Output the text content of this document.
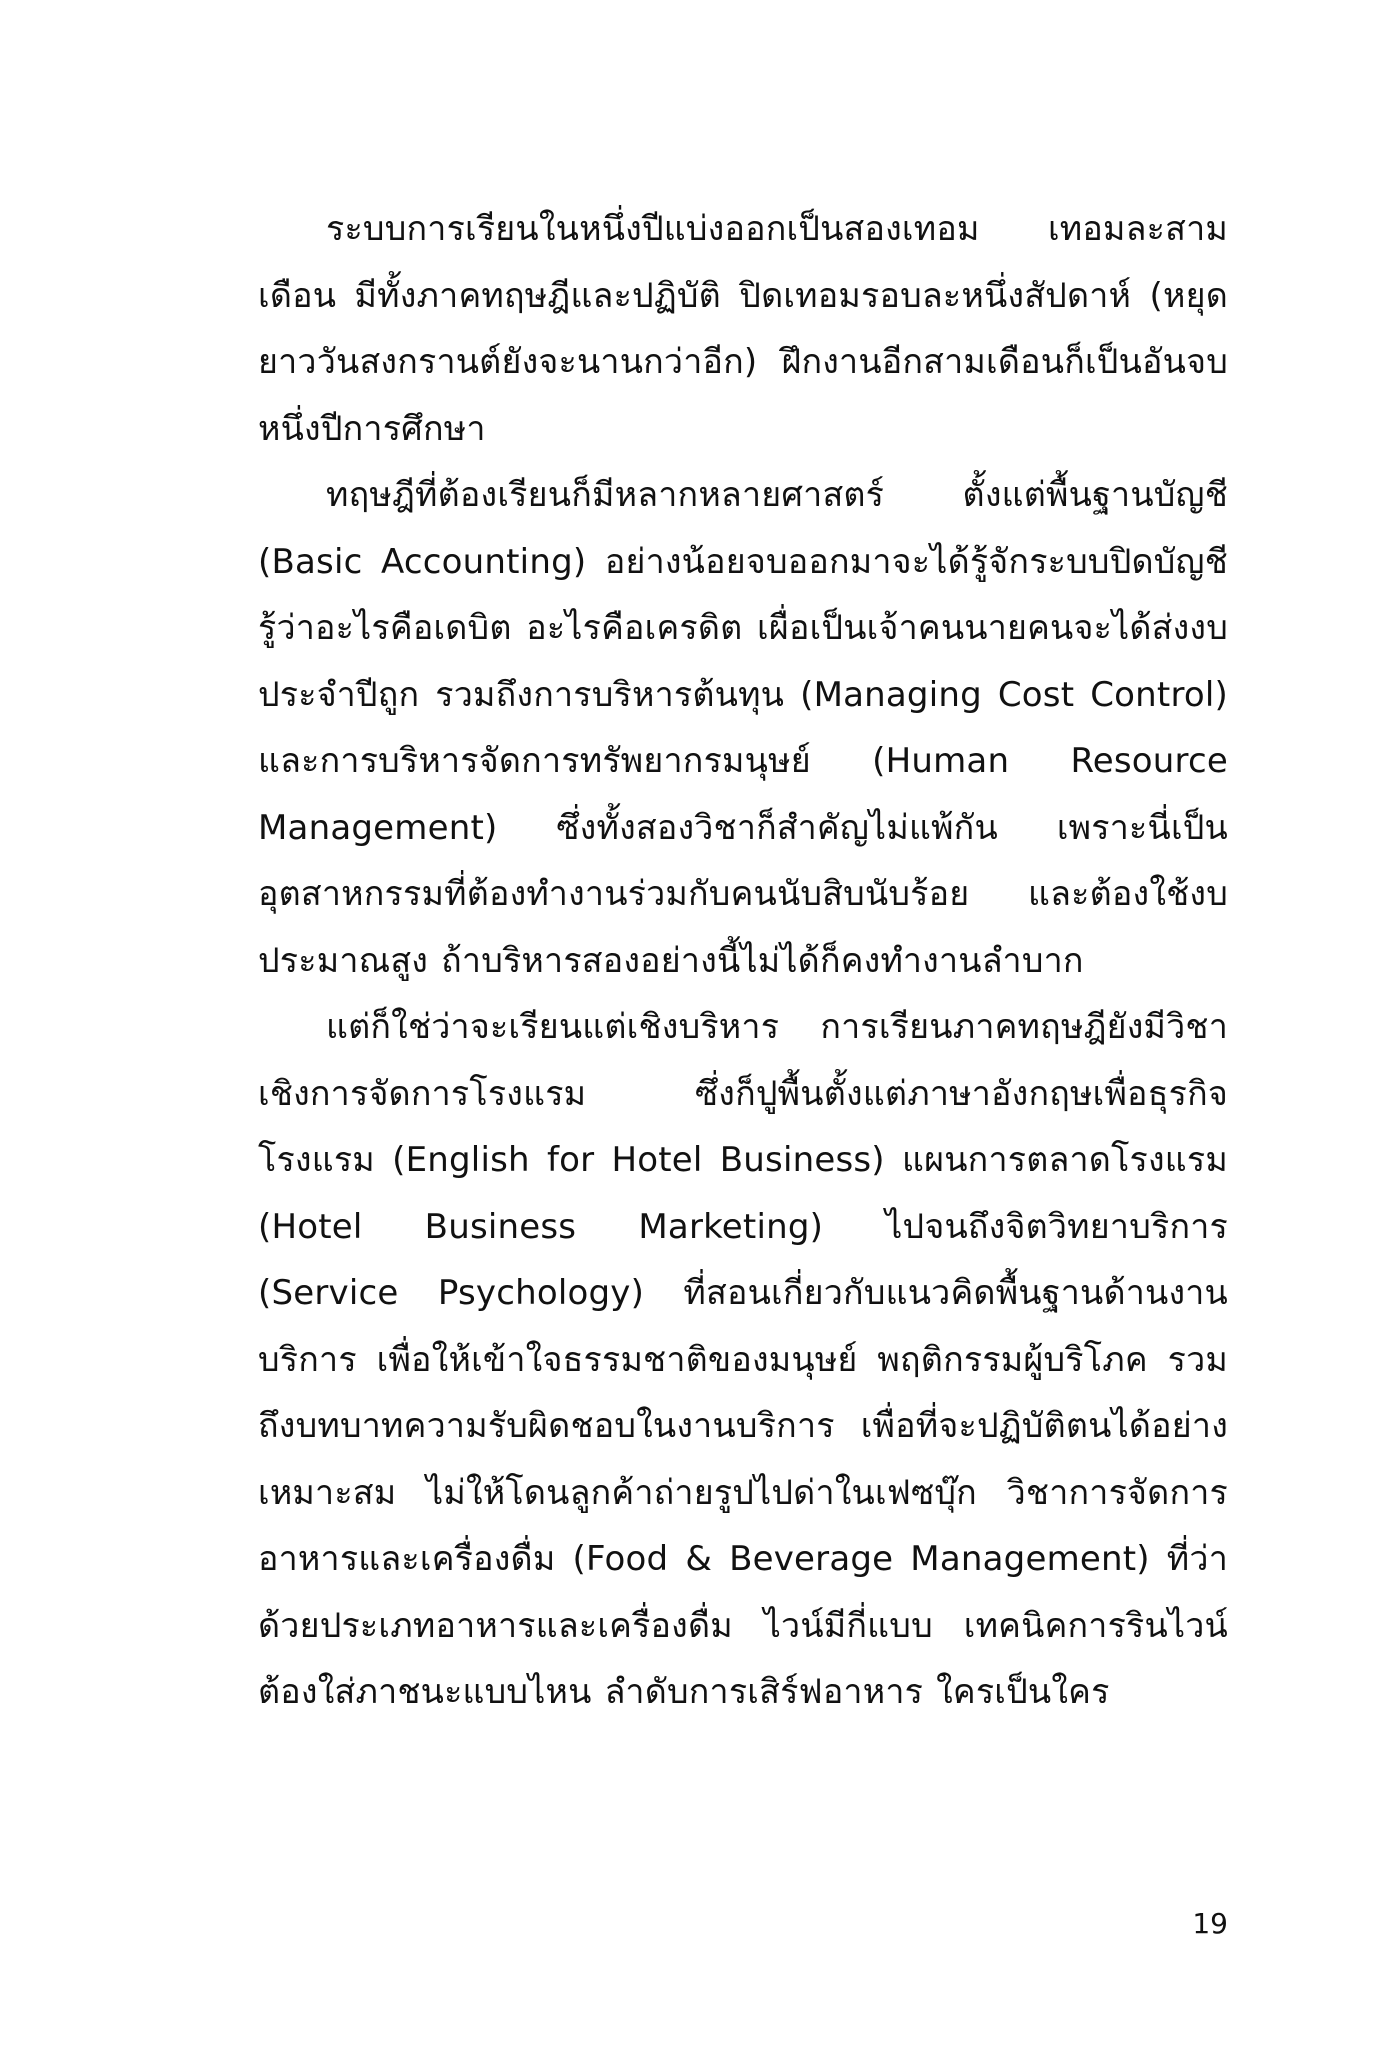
ระบบการเรียนในหนึ่งปีแบ่งออกเป็นสองเทอม เทอมละสามเดือน มีทั้งภาคทฤษฎีและปฏิบัติ ปิดเทอมรอบละหนึ่งสัปดาห์ (หยุดยาววันสงกรานต์ยังจะนานกว่าอีก) ฝึกงานอีกสามเดือนก็เป็นอันจบหนึ่งปีการศึกษา

ทฤษฎีที่ต้องเรียนก็มีหลากหลายศาสตร์ ตั้งแต่พื้นฐานบัญชี (Basic Accounting) อย่างน้อยจบออกมาจะได้รู้จักระบบปิดบัญชี รู้ว่าอะไรคือเดบิต อะไรคือเครดิต เผื่อเป็นเจ้าคนนายคนจะได้ส่งงบประจำปีถูก รวมถึงการบริหารต้นทุน (Managing Cost Control) และการบริหารจัดการทรัพยากรมนุษย์ (Human Resource Management) ซึ่งทั้งสองวิชาก็สำคัญไม่แพ้กัน เพราะนี่เป็นอุตสาหกรรมที่ต้องทำงานร่วมกับคนนับสิบนับร้อย และต้องใช้งบประมาณสูง ถ้าบริหารสองอย่างนี้ไม่ได้ก็คงทำงานลำบาก

แต่ก็ใช่ว่าจะเรียนแต่เชิงบริหาร การเรียนภาคทฤษฎียังมีวิชาเชิงการจัดการโรงแรม ซึ่งก็ปูพื้นตั้งแต่ภาษาอังกฤษเพื่อธุรกิจโรงแรม (English for Hotel Business) แผนการตลาดโรงแรม (Hotel Business Marketing) ไปจนถึงจิตวิทยาบริการ (Service Psychology) ที่สอนเกี่ยวกับแนวคิดพื้นฐานด้านงานบริการ เพื่อให้เข้าใจธรรมชาติของมนุษย์ พฤติกรรมผู้บริโภค รวมถึงบทบาทความรับผิดชอบในงานบริการ เพื่อที่จะปฏิบัติตนได้อย่างเหมาะสม ไม่ให้โดนลูกค้าถ่ายรูปไปด่าในเฟซบุ๊ก วิชาการจัดการอาหารและเครื่องดื่ม (Food & Beverage Management) ที่ว่าด้วยประเภทอาหารและเครื่องดื่ม ไวน์มีกี่แบบ เทคนิคการรินไวน์ ต้องใส่ภาชนะแบบไหน ลำดับการเสิร์ฟอาหาร ใครเป็นใคร

19
